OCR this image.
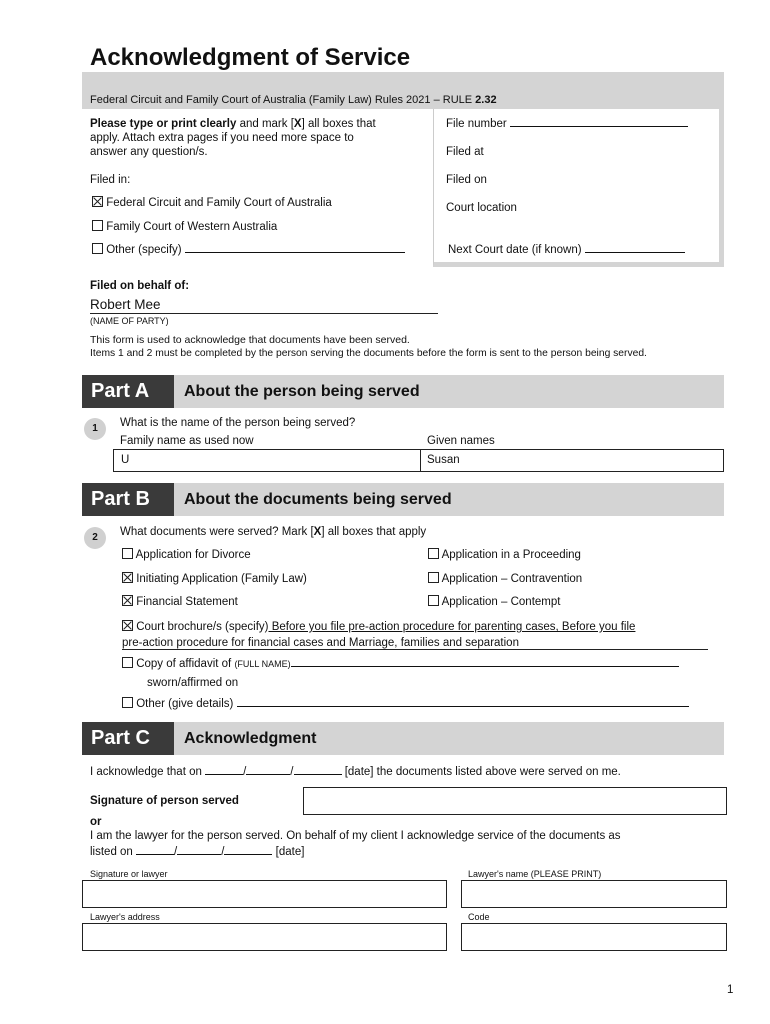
Acknowledgment of Service
Federal Circuit and Family Court of Australia (Family Law) Rules 2021 – RULE 2.32
Please type or print clearly and mark [X] all boxes that
apply. Attach extra pages if you need more space to
answer any question/s.
Filed in:
Federal Circuit and Family Court of Australia
Family Court of Western Australia
Other (specify)
File number
Filed at
Filed on
Court location
Next Court date (if known)
Filed on behalf of:
Robert Mee
(NAME OF PARTY)
This form is used to acknowledge that documents have been served.
Items 1 and 2 must be completed by the person serving the documents before the form is sent to the person being served.
Part A	About the person being served
1	What is the name of the person being served?
Family name as used now	Given names
U	Susan
Part B	About the documents being served
2	What documents were served? Mark [X] all boxes that apply
Application for Divorce
Initiating Application (Family Law)
Financial Statement
Application in a Proceeding
Application – Contravention
Application – Contempt
Court brochure/s (specify) Before you file pre-action procedure for parenting cases, Before you file
pre-action procedure for financial cases and Marriage, families and separation
Copy of affidavit of (FULL NAME)
sworn/affirmed on
Other (give details)
Part C	Acknowledgment
I acknowledge that on	/	/	[date] the documents listed above were served on me.
Signature of person served
or
I am the lawyer for the person served. On behalf of my client I acknowledge service of the documents as
listed on	/	/	[date]
Signature or lawyer	Lawyer's name (PLEASE PRINT)
Lawyer's address	Code
1
